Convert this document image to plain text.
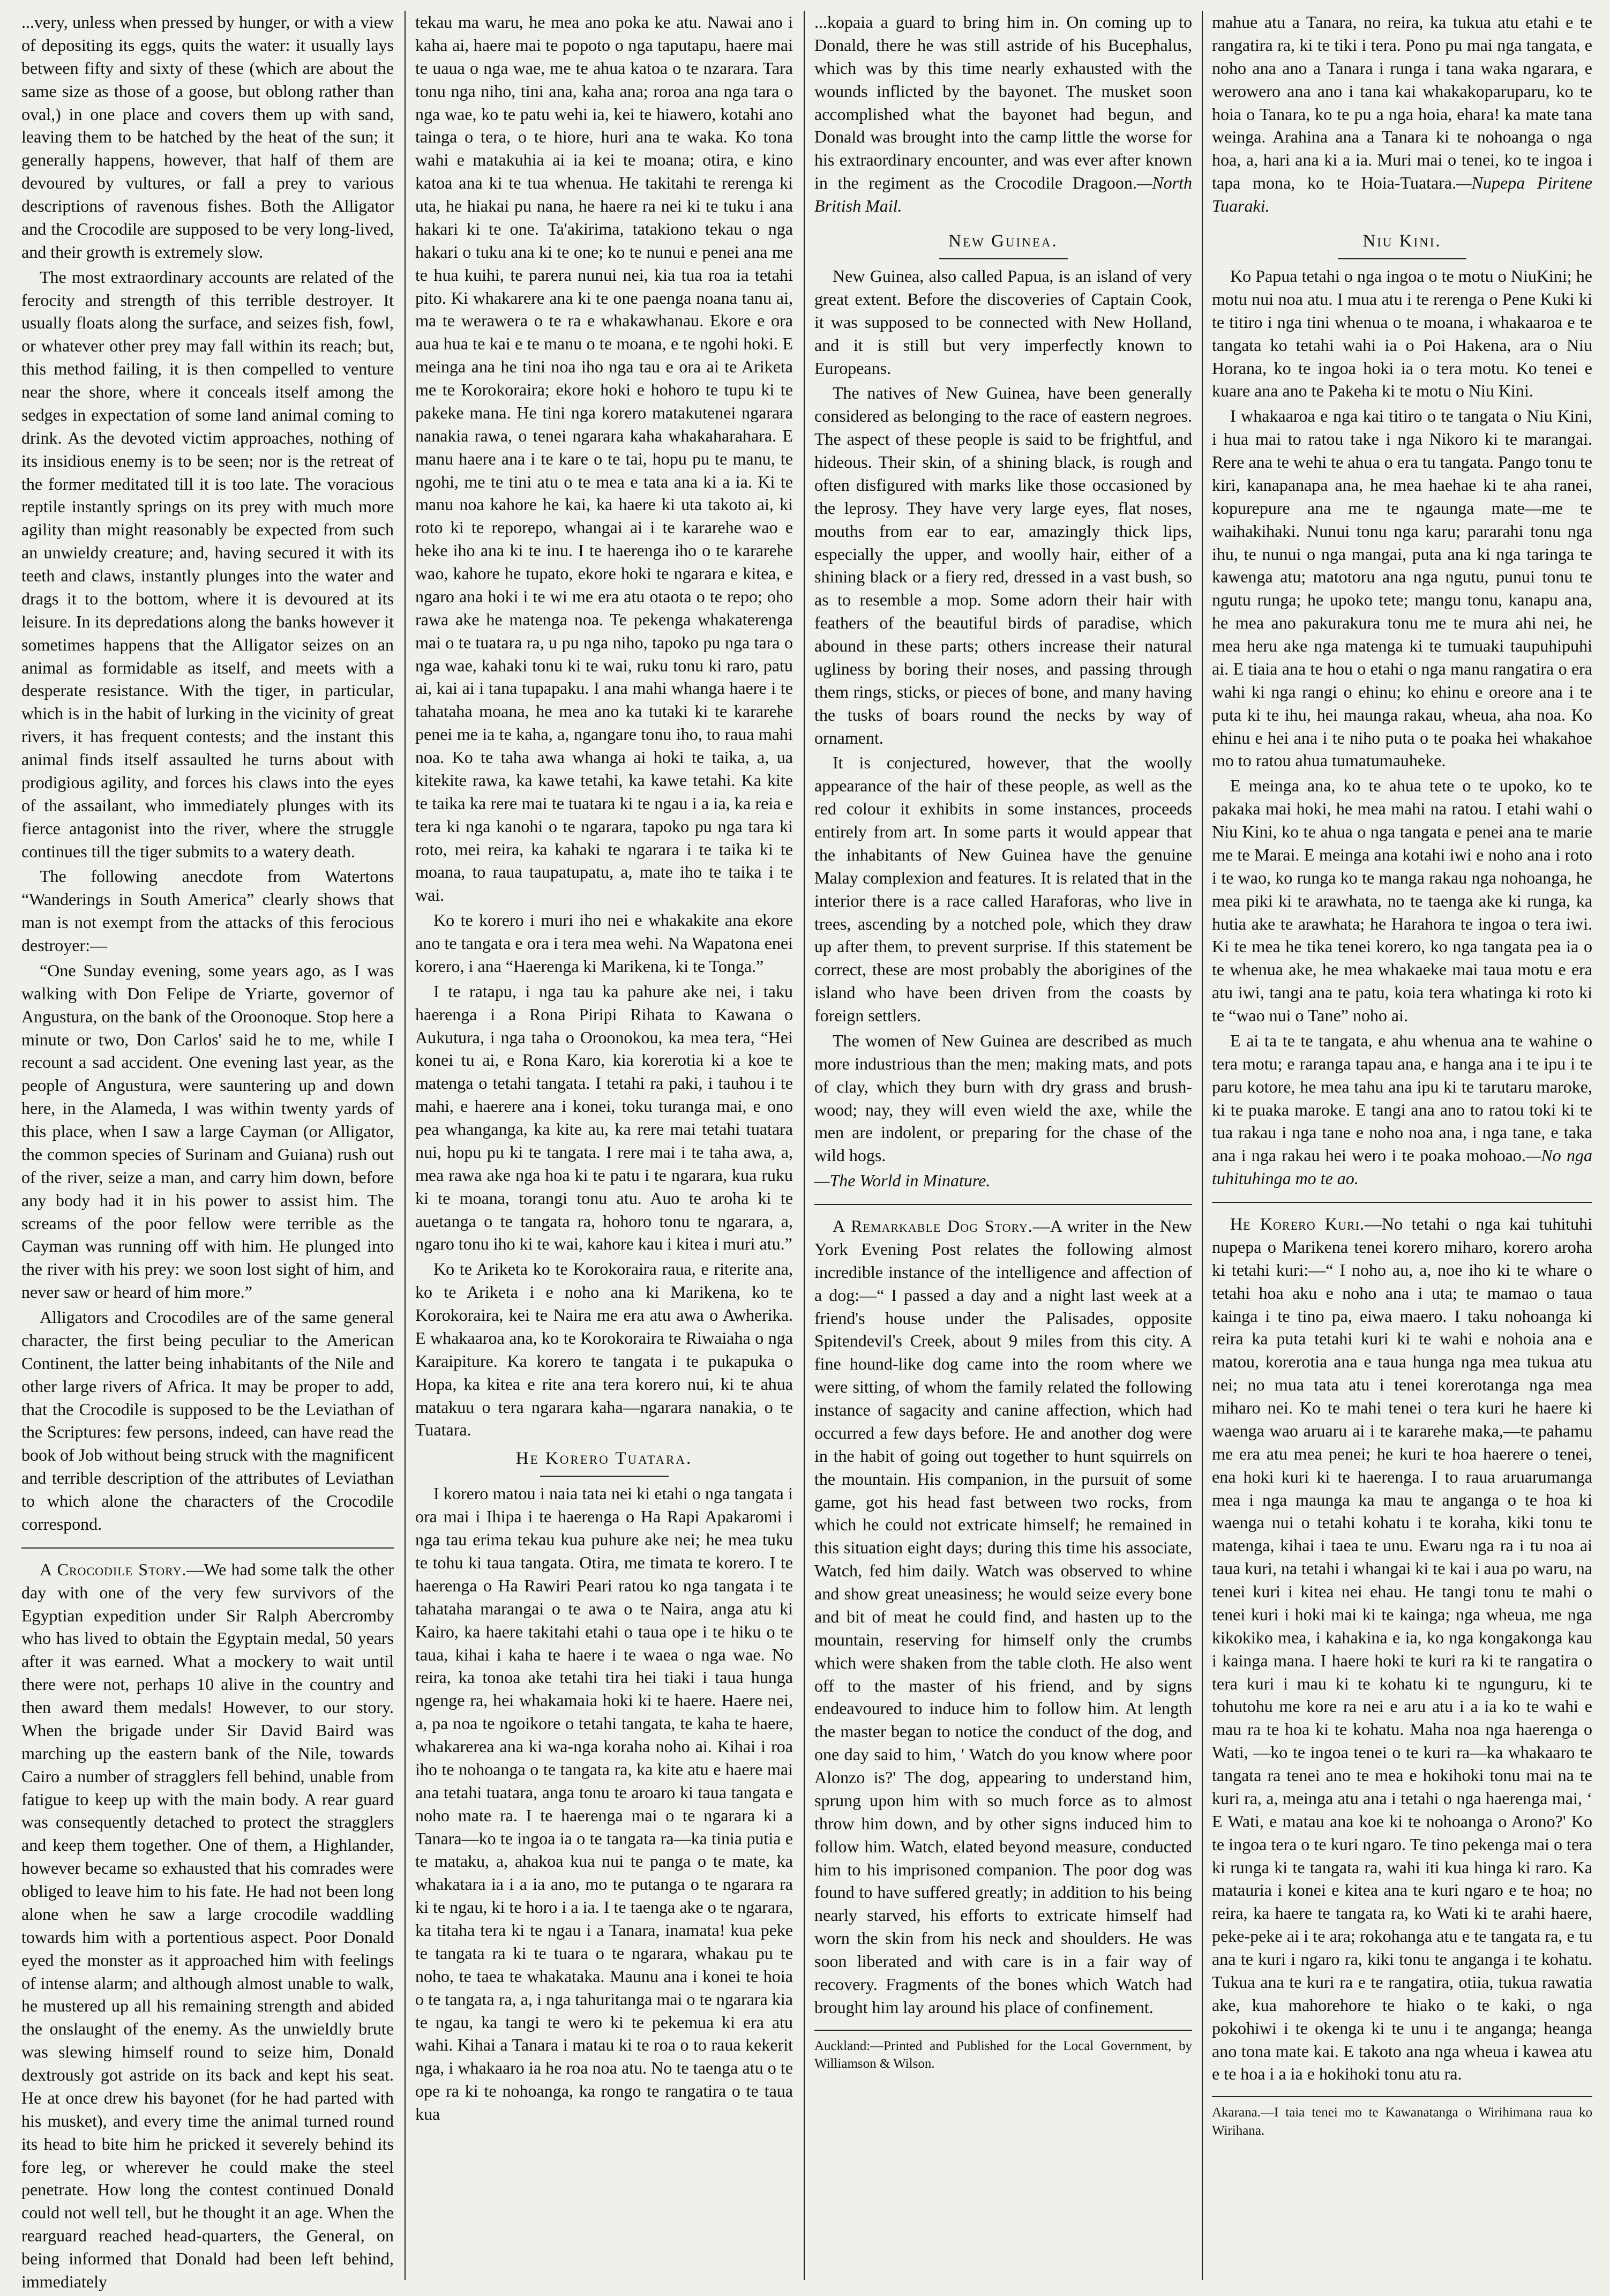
...very, unless when pressed by hunger, or with a view of depositing its eggs, quits the water: it usually lays between fifty and sixty of these (which are about the same size as those of a goose, but oblong rather than oval,) in one place and covers them up with sand, leaving them to be hatched by the heat of the sun; it generally happens, however, that half of them are devoured by vultures, or fall a prey to various descriptions of ravenous fishes. Both the Alligator and the Crocodile are supposed to be very long-lived, and their growth is extremely slow.

The most extraordinary accounts are related of the ferocity and strength of this terrible destroyer. It usually floats along the surface, and seizes fish, fowl, or whatever other prey may fall within its reach; but, this method failing, it is then compelled to venture near the shore, where it conceals itself among the sedges in expectation of some land animal coming to drink. As the devoted victim approaches, nothing of its insidious enemy is to be seen; nor is the retreat of the former meditated till it is too late. The voracious reptile instantly springs on its prey with much more agility than might reasonably be expected from such an unwieldy creature; and, having secured it with its teeth and claws, instantly plunges into the water and drags it to the bottom, where it is devoured at its leisure. In its depredations along the banks however it sometimes happens that the Alligator seizes on an animal as formidable as itself, and meets with a desperate resistance. With the tiger, in particular, which is in the habit of lurking in the vicinity of great rivers, it has frequent contests; and the instant this animal finds itself assaulted he turns about with prodigious agility, and forces his claws into the eyes of the assailant, who immediately plunges with its fierce antagonist into the river, where the struggle continues till the tiger submits to a watery death.

The following anecdote from Watertons “Wanderings in South America” clearly shows that man is not exempt from the attacks of this ferocious destroyer:—

“One Sunday evening, some years ago, as I was walking with Don Felipe de Yriarte, governor of Angustura, on the bank of the Oroonoque. Stop here a minute or two, Don Carlos' said he to me, while I recount a sad accident. One evening last year, as the people of Angustura, were sauntering up and down here, in the Alameda, I was within twenty yards of this place, when I saw a large Cayman (or Alligator, the common species of Surinam and Guiana) rush out of the river, seize a man, and carry him down, before any body had it in his power to assist him. The screams of the poor fellow were terrible as the Cayman was running off with him. He plunged into the river with his prey: we soon lost sight of him, and never saw or heard of him more.”

Alligators and Crocodiles are of the same general character, the first being peculiar to the American Continent, the latter being inhabitants of the Nile and other large rivers of Africa. It may be proper to add, that the Crocodile is supposed to be the Leviathan of the Scriptures: few persons, indeed, can have read the book of Job without being struck with the magnificent and terrible description of the attributes of Leviathan to which alone the characters of the Crocodile correspond.

A Crocodile Story.—We had some talk the other day with one of the very few survivors of the Egyptian expedition under Sir Ralph Abercromby who has lived to obtain the Egyptain medal, 50 years after it was earned. What a mockery to wait until there were not, perhaps 10 alive in the country and then award them medals! However, to our story. When the brigade under Sir David Baird was marching up the eastern bank of the Nile, towards Cairo a number of stragglers fell behind, unable from fatigue to keep up with the main body. A rear guard was consequently detached to protect the stragglers and keep them together. One of them, a Highlander, however became so exhausted that his comrades were obliged to leave him to his fate. He had not been long alone when he saw a large crocodile waddling towards him with a portentious aspect. Poor Donald eyed the monster as it approached him with feelings of intense alarm; and although almost unable to walk, he mustered up all his remaining strength and abided the onslaught of the enemy. As the unwieldly brute was slewing himself round to seize him, Donald dextrously got astride on its back and kept his seat. He at once drew his bayonet (for he had parted with his musket), and every time the animal turned round its head to bite him he pricked it severely behind its fore leg, or wherever he could make the steel penetrate. How long the contest continued Donald could not well tell, but he thought it an age. When the rearguard reached head-quarters, the General, on being informed that Donald had been left behind, immediately

tekau ma waru, he mea ano poka ke atu. Nawai ano i kaha ai, haere mai te popoto o nga taputapu, haere mai te uaua o nga wae, me te ahua katoa o te nzarara. Tara tonu nga niho, tini ana, kaha ana; roroa ana nga tara o nga wae, ko te patu wehi ia, kei te hiawero, kotahi ano tainga o tera, o te hiore, huri ana te waka. Ko tona wahi e matakuhia ai ia kei te moana; otira, e kino katoa ana ki te tua whenua. He takitahi te rerenga ki uta, he hiakai pu nana, he haere ra nei ki te tuku i ana hakari ki te one. Ta'akirima, tatakiono tekau o nga hakari o tuku ana ki te one; ko te nunui e penei ana me te hua kuihi, te parera nunui nei, kia tua roa ia tetahi pito. Ki whakarere ana ki te one paenga noana tanu ai, ma te werawera o te ra e whakawhanau. Ekore e ora aua hua te kai e te manu o te moana, e te ngohi hoki. E meinga ana he tini noa iho nga tau e ora ai te Ariketa me te Korokoraira; ekore hoki e hohoro te tupu ki te pakeke mana. He tini nga korero matakutenei ngarara nanakia rawa, o tenei ngarara kaha whakaharahara. E manu haere ana i te kare o te tai, hopu pu te manu, te ngohi, me te tini atu o te mea e tata ana ki a ia. Ki te manu noa kahore he kai, ka haere ki uta takoto ai, ki roto ki te reporepo, whangai ai i te kararehe wao e heke iho ana ki te inu. I te haerenga iho o te kararehe wao, kahore he tupato, ekore hoki te ngarara e kitea, e ngaro ana hoki i te wi me era atu otaota o te repo; oho rawa ake he matenga noa. Te pekenga whakaterenga mai o te tuatara ra, u pu nga niho, tapoko pu nga tara o nga wae, kahaki tonu ki te wai, ruku tonu ki raro, patu ai, kai ai i tana tupapaku. I ana mahi whanga haere i te tahataha moana, he mea ano ka tutaki ki te kararehe penei me ia te kaha, a, ngangare tonu iho, to raua mahi noa. Ko te taha awa whanga ai hoki te taika, a, ua kitekite rawa, ka kawe tetahi, ka kawe tetahi. Ka kite te taika ka rere mai te tuatara ki te ngau i a ia, ka reia e tera ki nga kanohi o te ngarara, tapoko pu nga tara ki roto, mei reira, ka kahaki te ngarara i te taika ki te moana, to raua taupatupatu, a, mate iho te taika i te wai.

Ko te korero i muri iho nei e whakakite ana ekore ano te tangata e ora i tera mea wehi. Na Wapatona enei korero, i ana “Haerenga ki Marikena, ki te Tonga.”

I te ratapu, i nga tau ka pahure ake nei, i taku haerenga i a Rona Piripi Rihata to Kawana o Aukutura, i nga taha o Oroonokou, ka mea tera, “Hei konei tu ai, e Rona Karo, kia korerotia ki a koe te matenga o tetahi tangata. I tetahi ra paki, i tauhou i te mahi, e haerere ana i konei, toku turanga mai, e ono pea whanganga, ka kite au, ka rere mai tetahi tuatara nui, hopu pu ki te tangata. I rere mai i te taha awa, a, mea rawa ake nga hoa ki te patu i te ngarara, kua ruku ki te moana, torangi tonu atu. Auo te aroha ki te auetanga o te tangata ra, hohoro tonu te ngarara, a, ngaro tonu iho ki te wai, kahore kau i kitea i muri atu.”

Ko te Ariketa ko te Korokoraira raua, e riterite ana, ko te Ariketa i e noho ana ki Marikena, ko te Korokoraira, kei te Naira me era atu awa o Awherika. E whakaaroa ana, ko te Korokoraira te Riwaiaha o nga Karaipiture. Ka korero te tangata i te pukapuka o Hopa, ka kitea e rite ana tera korero nui, ki te ahua matakuu o tera ngarara kaha—ngarara nanakia, o te Tuatara.

He Korero Tuatara.

I korero matou i naia tata nei ki etahi o nga tangata i ora mai i Ihipa i te haerenga o Ha Rapi Apakaromi i nga tau erima tekau kua puhure ake nei; he mea tuku te tohu ki taua tangata. Otira, me timata te korero. I te haerenga o Ha Rawiri Peari ratou ko nga tangata i te tahataha marangai o te awa o te Naira, anga atu ki Kairo, ka haere takitahi etahi o taua ope i te hiku o te taua, kihai i kaha te haere i te waea o nga wae. No reira, ka tonoa ake tetahi tira hei tiaki i taua hunga ngenge ra, hei whakamaia hoki ki te haere. Haere nei, a, pa noa te ngoikore o tetahi tangata, te kaha te haere, whakarerea ana ki wa-nga koraha noho ai. Kihai i roa iho te nohoanga o te tangata ra, ka kite atu e haere mai ana tetahi tuatara, anga tonu te aroaro ki taua tangata e noho mate ra. I te haerenga mai o te ngarara ki a Tanara—ko te ingoa ia o te tangata ra—ka tinia putia e te mataku, a, ahakoa kua nui te panga o te mate, ka whakatara ia i a ia ano, mo te putanga o te ngarara ra ki te ngau, ki te horo i a ia. I te taenga ake o te ngarara, ka titaha tera ki te ngau i a Tanara, inamata! kua peke te tangata ra ki te tuara o te ngarara, whakau pu te noho, te taea te whakataka. Maunu ana i konei te hoia o te tangata ra, a, i nga tahuritanga mai o te ngarara kia te ngau, ka tangi te wero ki te pekemua ki era atu wahi. Kihai a Tanara i matau ki te roa o to raua kekerit nga, i whakaaro ia he roa noa atu. No te taenga atu o te ope ra ki te nohoanga, ka rongo te rangatira o te taua kua

...kopaia a guard to bring him in. On coming up to Donald, there he was still astride of his Bucephalus, which was by this time nearly exhausted with the wounds inflicted by the bayonet. The musket soon accomplished what the bayonet had begun, and Donald was brought into the camp little the worse for his extraordinary encounter, and was ever after known in the regiment as the Crocodile Dragoon.—North British Mail.

New Guinea.

New Guinea, also called Papua, is an island of very great extent. Before the discoveries of Captain Cook, it was supposed to be connected with New Holland, and it is still but very imperfectly known to Europeans.

The natives of New Guinea, have been generally considered as belonging to the race of eastern negroes. The aspect of these people is said to be frightful, and hideous. Their skin, of a shining black, is rough and often disfigured with marks like those occasioned by the leprosy. They have very large eyes, flat noses, mouths from ear to ear, amazingly thick lips, especially the upper, and woolly hair, either of a shining black or a fiery red, dressed in a vast bush, so as to resemble a mop. Some adorn their hair with feathers of the beautiful birds of paradise, which abound in these parts; others increase their natural ugliness by boring their noses, and passing through them rings, sticks, or pieces of bone, and many having the tusks of boars round the necks by way of ornament.

It is conjectured, however, that the woolly appearance of the hair of these people, as well as the red colour it exhibits in some instances, proceeds entirely from art. In some parts it would appear that the inhabitants of New Guinea have the genuine Malay complexion and features. It is related that in the interior there is a race called Haraforas, who live in trees, ascending by a notched pole, which they draw up after them, to prevent surprise. If this statement be correct, these are most probably the aborigines of the island who have been driven from the coasts by foreign settlers.

The women of New Guinea are described as much more industrious than the men; making mats, and pots of clay, which they burn with dry grass and brush-wood; nay, they will even wield the axe, while the men are indolent, or preparing for the chase of the wild hogs.

—The World in Minature.

A Remarkable Dog Story.—A writer in the New York Evening Post relates the following almost incredible instance of the intelligence and affection of a dog:—“ I passed a day and a night last week at a friend's house under the Palisades, opposite Spitendevil's Creek, about 9 miles from this city. A fine hound-like dog came into the room where we were sitting, of whom the family related the following instance of sagacity and canine affection, which had occurred a few days before. He and another dog were in the habit of going out together to hunt squirrels on the mountain. His companion, in the pursuit of some game, got his head fast between two rocks, from which he could not extricate himself; he remained in this situation eight days; during this time his associate, Watch, fed him daily. Watch was observed to whine and show great uneasiness; he would seize every bone and bit of meat he could find, and hasten up to the mountain, reserving for himself only the crumbs which were shaken from the table cloth. He also went off to the master of his friend, and by signs endeavoured to induce him to follow him. At length the master began to notice the conduct of the dog, and one day said to him, ' Watch do you know where poor Alonzo is?' The dog, appearing to understand him, sprung upon him with so much force as to almost throw him down, and by other signs induced him to follow him. Watch, elated beyond measure, conducted him to his imprisoned companion. The poor dog was found to have suffered greatly; in addition to his being nearly starved, his efforts to extricate himself had worn the skin from his neck and shoulders. He was soon liberated and with care is in a fair way of recovery. Fragments of the bones which Watch had brought him lay around his place of confinement.

Auckland:—Printed and Published for the Local Government, by Williamson & Wilson.

mahue atu a Tanara, no reira, ka tukua atu etahi e te rangatira ra, ki te tiki i tera. Pono pu mai nga tangata, e noho ana ano a Tanara i runga i tana waka ngarara, e werowero ana ano i tana kai whakakoparuparu, ko te hoia o Tanara, ko te pu a nga hoia, ehara! ka mate tana weinga. Arahina ana a Tanara ki te nohoanga o nga hoa, a, hari ana ki a ia. Muri mai o tenei, ko te ingoa i tapa mona, ko te Hoia-Tuatara.—Nupepa Piritene Tuaraki.

Niu Kini.

Ko Papua tetahi o nga ingoa o te motu o NiuKini; he motu nui noa atu. I mua atu i te rerenga o Pene Kuki ki te titiro i nga tini whenua o te moana, i whakaaroa e te tangata ko tetahi wahi ia o Poi Hakena, ara o Niu Horana, ko te ingoa hoki ia o tera motu. Ko tenei e kuare ana ano te Pakeha ki te motu o Niu Kini.

I whakaaroa e nga kai titiro o te tangata o Niu Kini, i hua mai to ratou take i nga Nikoro ki te marangai. Rere ana te wehi te ahua o era tu tangata. Pango tonu te kiri, kanapanapa ana, he mea haehae ki te aha ranei, kopurepure ana me te ngaunga mate—me te waihakihaki. Nunui tonu nga karu; pararahi tonu nga ihu, te nunui o nga mangai, puta ana ki nga taringa te kawenga atu; matotoru ana nga ngutu, punui tonu te ngutu runga; he upoko tete; mangu tonu, kanapu ana, he mea ano pakurakura tonu me te mura ahi nei, he mea heru ake nga matenga ki te tumuaki taupuhipuhi ai. E tiaia ana te hou o etahi o nga manu rangatira o era wahi ki nga rangi o ehinu; ko ehinu e oreore ana i te puta ki te ihu, hei maunga rakau, wheua, aha noa. Ko ehinu e hei ana i te niho puta o te poaka hei whakahoe mo to ratou ahua tumatumauheke.

E meinga ana, ko te ahua tete o te upoko, ko te pakaka mai hoki, he mea mahi na ratou. I etahi wahi o Niu Kini, ko te ahua o nga tangata e penei ana te marie me te Marai. E meinga ana kotahi iwi e noho ana i roto i te wao, ko runga ko te manga rakau nga nohoanga, he mea piki ki te arawhata, no te taenga ake ki runga, ka hutia ake te arawhata; he Harahora te ingoa o tera iwi. Ki te mea he tika tenei korero, ko nga tangata pea ia o te whenua ake, he mea whakaeke mai taua motu e era atu iwi, tangi ana te patu, koia tera whatinga ki roto ki te “wao nui o Tane” noho ai.

E ai ta te te tangata, e ahu whenua ana te wahine o tera motu; e raranga tapau ana, e hanga ana i te ipu i te paru kotore, he mea tahu ana ipu ki te tarutaru maroke, ki te puaka maroke. E tangi ana ano to ratou toki ki te tua rakau i nga tane e noho noa ana, i nga tane, e taka ana i nga rakau hei wero i te poaka mohoao.—No nga tuhituhinga mo te ao.

He Korero Kuri.—No tetahi o nga kai tuhituhi nupepa o Marikena tenei korero miharo, korero aroha ki tetahi kuri:—“ I noho au, a, noe iho ki te whare o tetahi hoa aku e noho ana i uta; te mamao o taua kainga i te tino pa, eiwa maero. I taku nohoanga ki reira ka puta tetahi kuri ki te wahi e nohoia ana e matou, korerotia ana e taua hunga nga mea tukua atu nei; no mua tata atu i tenei korerotanga nga mea miharo nei. Ko te mahi tenei o tera kuri he haere ki waenga wao aruaru ai i te kararehe maka,—te pahamu me era atu mea penei; he kuri te hoa haerere o tenei, ena hoki kuri ki te haerenga. I to raua aruarumanga mea i nga maunga ka mau te anganga o te hoa ki waenga nui o tetahi kohatu i te koraha, kiki tonu te matenga, kihai i taea te unu. Ewaru nga ra i tu noa ai taua kuri, na tetahi i whangai ki te kai i aua po waru, na tenei kuri i kitea nei ehau. He tangi tonu te mahi o tenei kuri i hoki mai ki te kainga; nga wheua, me nga kikokiko mea, i kahakina e ia, ko nga kongakonga kau i kainga mana. I haere hoki te kuri ra ki te rangatira o tera kuri i mau ki te kohatu ki te ngunguru, ki te tohutohu me kore ra nei e aru atu i a ia ko te wahi e mau ra te hoa ki te kohatu. Maha noa nga haerenga o Wati, —ko te ingoa tenei o te kuri ra—ka whakaaro te tangata ra tenei ano te mea e hokihoki tonu mai na te kuri ra, a, meinga atu ana i tetahi o nga haerenga mai, ‘ E Wati, e matau ana koe ki te nohoanga o Arono?' Ko te ingoa tera o te kuri ngaro. Te tino pekenga mai o tera ki runga ki te tangata ra, wahi iti kua hinga ki raro. Ka matauria i konei e kitea ana te kuri ngaro e te hoa; no reira, ka haere te tangata ra, ko Wati ki te arahi haere, peke-peke ai i te ara; rokohanga atu e te tangata ra, e tu ana te kuri i ngaro ra, kiki tonu te anganga i te kohatu. Tukua ana te kuri ra e te rangatira, otiia, tukua rawatia ake, kua mahorehore te hiako o te kaki, o nga pokohiwi i te okenga ki te unu i te anganga; heanga ano tona mate kai. E takoto ana nga wheua i kawea atu e te hoa i a ia e hokihoki tonu atu ra.

Akarana.—I taia tenei mo te Kawanatanga o Wirihimana raua ko Wirihana.
